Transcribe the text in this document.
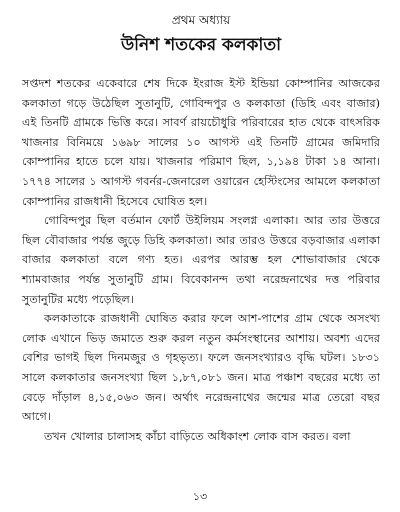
প্রথম অধ্যায়
উনিশ শতকের কলকাতা

সপ্তদশ শতকের একেবারে শেষ দিকে ইংরাজ ইস্ট ইন্ডিয়া কোম্পানির আজকের কলকাতা গড়ে উঠেছিল সুতানুটি, গোবিন্দপুর ও কলকাতা (ডিহি এবং বাজার) এই তিনটি গ্রামকে ভিত্তি করে। সাবর্ণ রায়চৌধুরি পরিবারের হাত থেকে বাৎসরিক খাজনার বিনিময়ে ১৬৯৮ সালের ১০ আগস্ট এই তিনটি গ্রামের জমিদারি কোম্পানির হাতে চলে যায়। খাজনার পরিমাণ ছিল, ১,১৯৪ টাকা ১৪ আনা। ১৭৭৪ সালের ১ আগস্ট গবর্নর-জেনারেল ওয়ারেন হেস্টিংসের আমলে কলকাতা কোম্পানির রাজধানী হিসেবে ঘোষিত হল।

গোবিন্দপুর ছিল বর্তমান ফোর্ট উইলিয়ম সংলগ্ন এলাকা। আর তার উত্তরে ছিল বৌবাজার পর্যন্ত জুড়ে ডিহি কলকাতা। আর তারও উত্তরে বড়বাজার এলাকা বাজার কলকাতা বলে গণ্য হত। এরপর আরম্ভ হল শোভাবাজার থেকে শ্যামবাজার পর্যন্ত সুতানুটি গ্রাম। বিবেকানন্দ তথা নরেন্দ্রনাথের দত্ত পরিবার সুতানুটির মধ্যে পড়েছিল।

কলকাতাকে রাজধানী ঘোষিত করার ফলে আশ-পাশের গ্রাম থেকে অসংখ্য লোক এখানে ভিড় জমাতে শুরু করল নতুন কর্মসংস্থানের আশায়। অবশ্য এদের বেশির ভাগই ছিল দিনমজুর ও গৃহভৃত্য। ফলে জনসংখ্যারও বৃদ্ধি ঘটল। ১৮৩১ সালে কলকাতার জনসংখ্যা ছিল ১,৮৭,০৮১ জন। মাত্র পঞ্চাশ বছরের মধ্যে তা বেড়ে দাঁড়াল ৪,১৫,০৬৩ জন। অর্থাৎ নরেন্দ্রনাথের জন্মের মাত্র তেরো বছর আগে।

তখন খোলার চালাসহ কাঁচা বাড়িতে অধিকাংশ লোক বাস করত। বলা

১৩
